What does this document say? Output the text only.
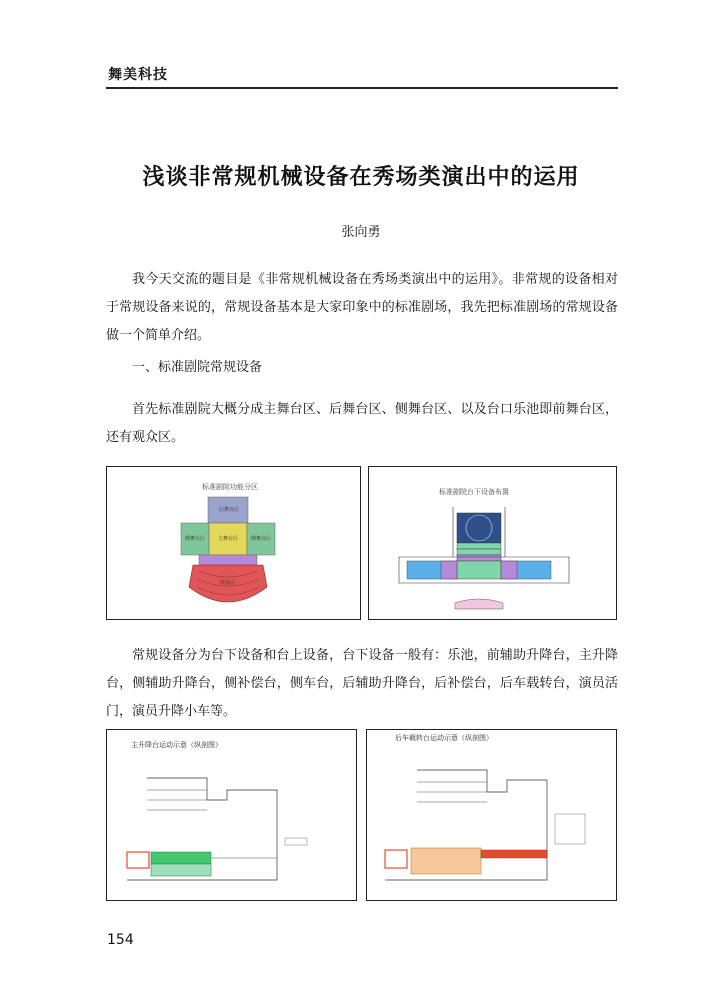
舞美科技
浅谈非常规机械设备在秀场类演出中的运用
张向勇

我今天交流的题目是《非常规机械设备在秀场类演出中的运用》。非常规的设备相对于常规设备来说的，常规设备基本是大家印象中的标准剧场，我先把标准剧场的常规设备做一个简单介绍。

一、标准剧院常规设备

首先标准剧院大概分成主舞台区、后舞台区、侧舞台区、以及台口乐池即前舞台区，还有观众区。

标准剧院功能分区
后舞台区
侧舞台区	主舞台区	侧舞台区
观众区
标准剧院台下设备布置

常规设备分为台下设备和台上设备，台下设备一般有：乐池，前辅助升降台，主升降台，侧辅助升降台，侧补偿台，侧车台，后辅助升降台，后补偿台，后车载转台，演员活门，演员升降小车等。

主升降台运动示意（纵剖图）
后车载转台运动示意（纵剖图）
154
